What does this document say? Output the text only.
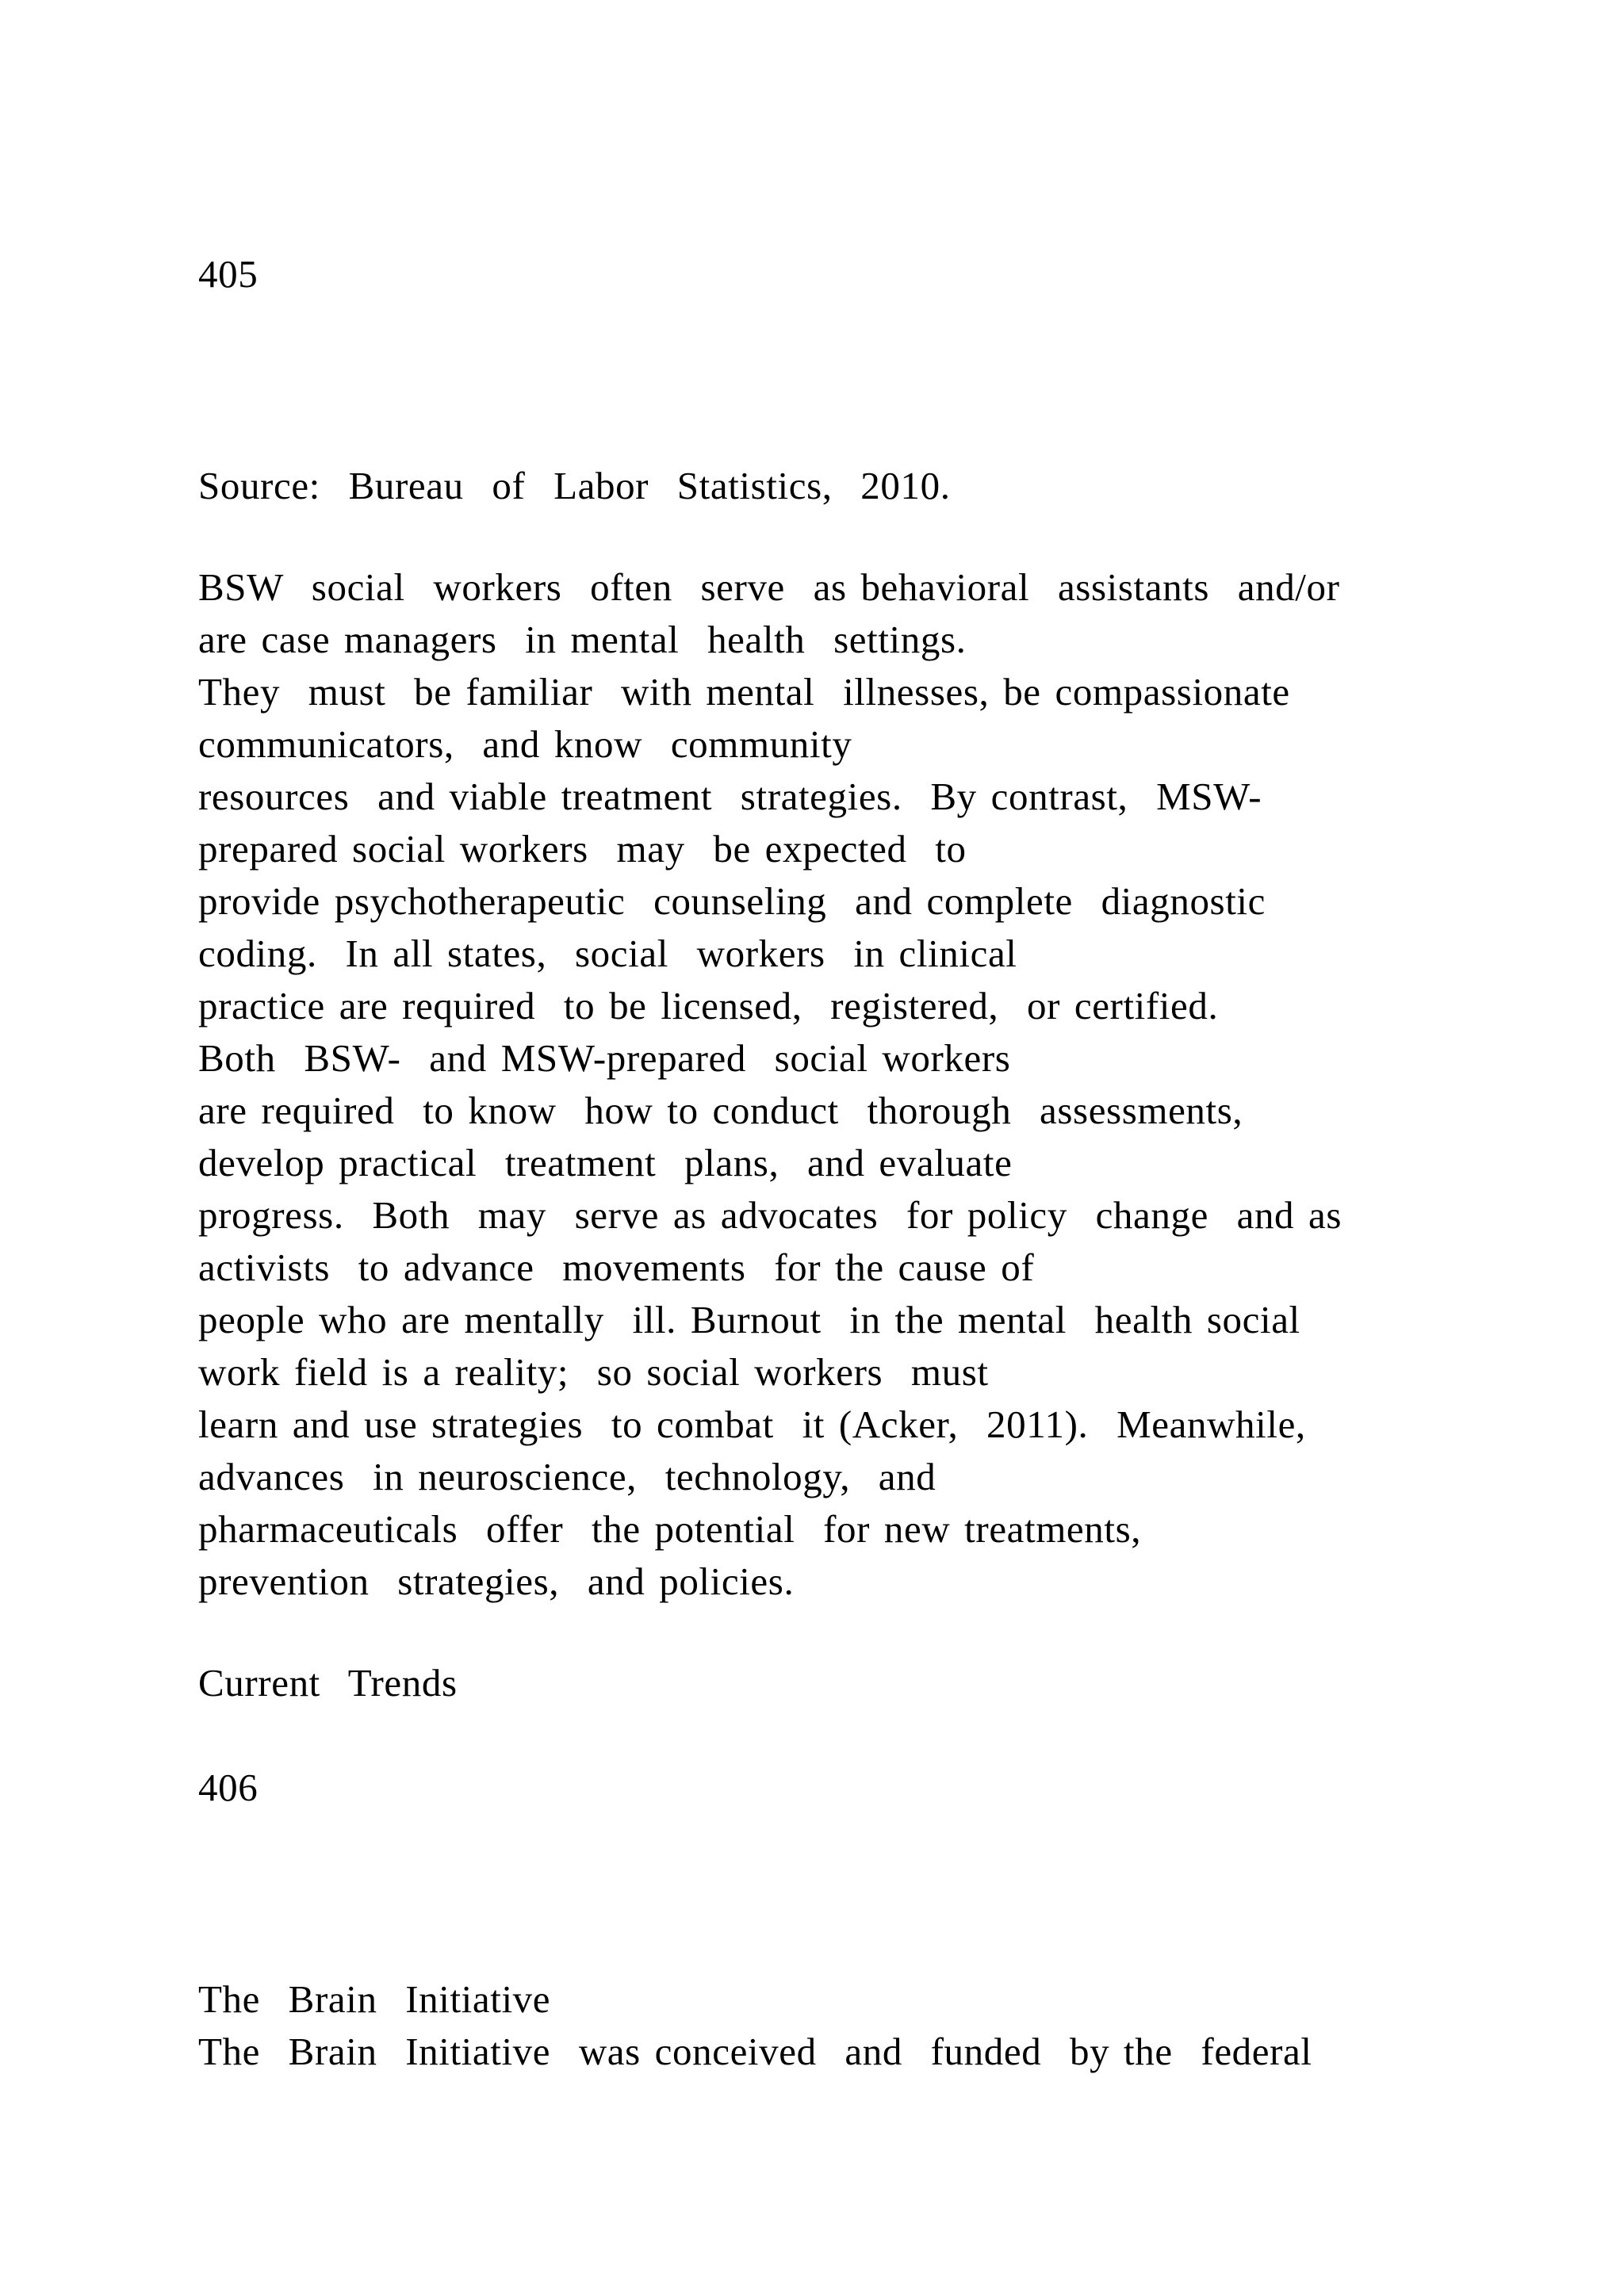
405
Source:  Bureau  of  Labor  Statistics,  2010.
BSW  social  workers  often  serve  as behavioral  assistants  and/or
are case managers  in mental  health  settings.
They  must  be familiar  with mental  illnesses, be compassionate
communicators,  and know  community
resources  and viable treatment  strategies.  By contrast,  MSW-
prepared social workers  may  be expected  to
provide psychotherapeutic  counseling  and complete  diagnostic
coding.  In all states,  social  workers  in clinical
practice are required  to be licensed,  registered,  or certified.
Both  BSW-  and MSW-prepared  social workers
are required  to know  how to conduct  thorough  assessments,
develop practical  treatment  plans,  and evaluate
progress.  Both  may  serve as advocates  for policy  change  and as
activists  to advance  movements  for the cause of
people who are mentally  ill. Burnout  in the mental  health social
work field is a reality;  so social workers  must
learn and use strategies  to combat  it (Acker,  2011).  Meanwhile,
advances  in neuroscience,  technology,  and
pharmaceuticals  offer  the potential  for new treatments,
prevention  strategies,  and policies.
Current  Trends
406
The  Brain  Initiative
The  Brain  Initiative  was conceived  and  funded  by the  federal
